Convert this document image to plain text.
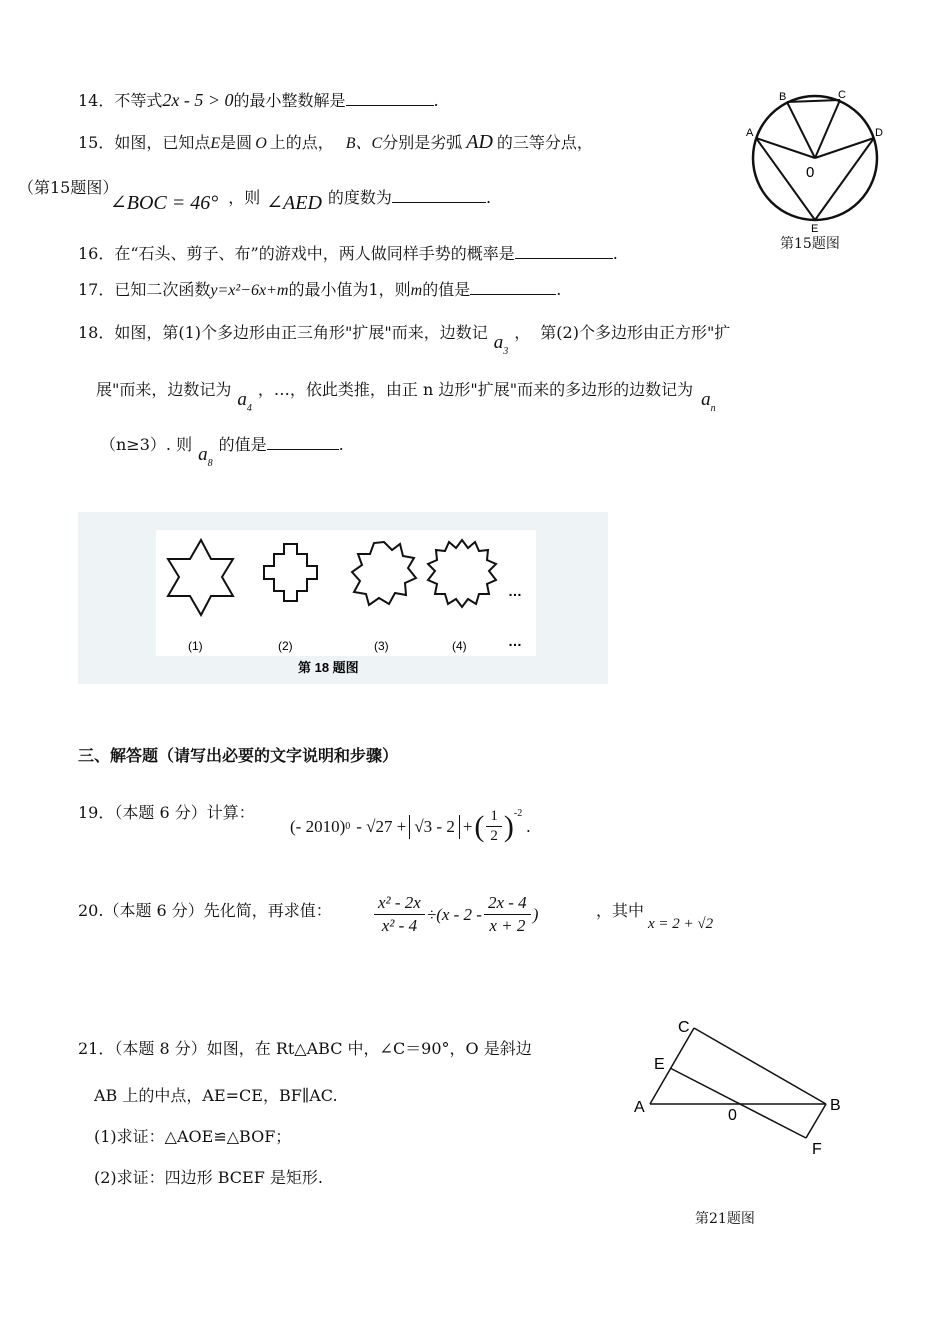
14．不等式2x - 5 > 0的最小整数解是	.
15．如图，已知点E是圆 O 上的点， B、C分别是劣弧 AD 的三等分点，
（第15题图）
∠BOC = 46° ，则 ∠AED 的度数为	.
B	C
A	D
0
E
第15题图
16．在“石头、剪子、布”的游戏中，两人做同样手势的概率是	.
17．已知二次函数y=x²−6x+m的最小值为1，则m的值是	.
18．如图，第(1)个多边形由正三角形"扩展"而来，边数记 $a_3$， 第(2)个多边形由正方形"扩
展"而来，边数记为 $a_4$，…，依此类推，由正 n 边形"扩展"而来的多边形的边数记为 $a_n$
（n≥3）. 则 $a_8$的值是	.
(1)	(2)	(3)	(4)
…
…
第 18 题图
三、解答题（请写出必要的文字说明和步骤）
19．（本题 6 分）计算：
(- 2010) 0 - √27 + √3 - 2 + ( $\frac{1}{2} )^{-2}$
.
20.（本题 6 分）先化简，再求值： $\frac{\text{x² - 2x}}{\text{x² - 4}} \div(x - 2 - \frac{2x - 4}{x + 2}$ )	，其中x = 2 + √2
21．（本题 8 分）如图，在 Rt△ABC 中，∠C＝90°，O 是斜边
AB 上的中点，AE=CE，BF∥AC.
(1)求证：△AOE≌△BOF；
(2)求证：四边形 BCEF 是矩形.
C
E
A	0
B
F
第21题图
